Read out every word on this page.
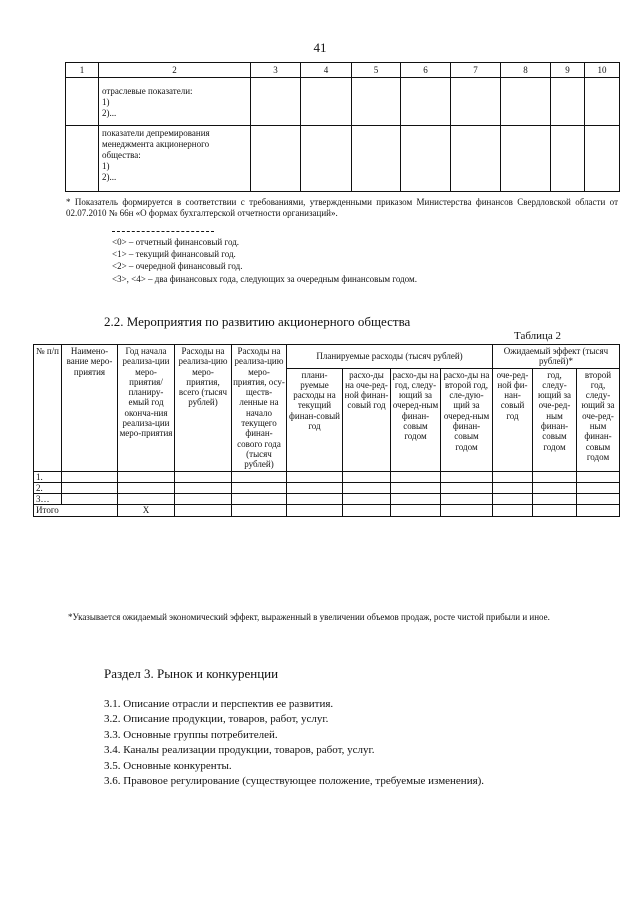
41
1	2	3	4	5	6	7	8	9	10

	отраслевые показатели:
1)
2)...								

	показатели депремирования
менеджмента акционерного
общества:
1)
2)...								

* Показатель формируется в соответствии с требованиями, утвержденными приказом Министерства финансов Свердловской области от 02.07.2010 № 66н «О формах бухгалтерской отчетности организаций».
<0> – отчетный финансовый год.
<1> – текущий финансовый год.
<2> – очередной финансовый год.
<3>, <4> – два финансовых года, следующих за очередным финансовым годом.
2.2. Мероприятия по развитию акционерного общества
Таблица 2
№ п/п	Наимено-вание меро-приятия	Год начала реализа-ции меро-приятия/ планиру-емый год оконча-ния реализа-ции меро-приятия	Расходы на реализа-цию меро-приятия, всего (тысяч рублей)	Расходы на реализа-цию меро-приятия, осу-ществ-ленные на начало текущего финан-сового года (тысяч рублей)	Планируемые расходы (тысяч рублей)				Ожидаемый эффект (тысяч рублей)*		
					плани-руемые расходы на текущий финан-совый год	расхо-ды на оче-ред-ной финан-совый год	расхо-ды на год, следу-ющий за очеред-ным финан-совым годом	расхо-ды на второй год, сле-дую-щий за очеред-ным финан-совым годом	оче-ред-ной фи-нан-совый год	год, следу-ющий за оче-ред-ным финан-совым годом	второй год, следу-ющий за оче-ред-ным финан-совым годом
1.											
2.											
3…											
Итого		X									
*Указывается ожидаемый экономический эффект, выраженный в увеличении объемов продаж, росте чистой прибыли и иное.
Раздел 3. Рынок и конкуренции
3.1. Описание отрасли и перспектив ее развития.
3.2. Описание продукции, товаров, работ, услуг.
3.3. Основные группы потребителей.
3.4. Каналы реализации продукции, товаров, работ, услуг.
3.5. Основные конкуренты.
3.6. Правовое регулирование (существующее положение, требуемые изменения).
